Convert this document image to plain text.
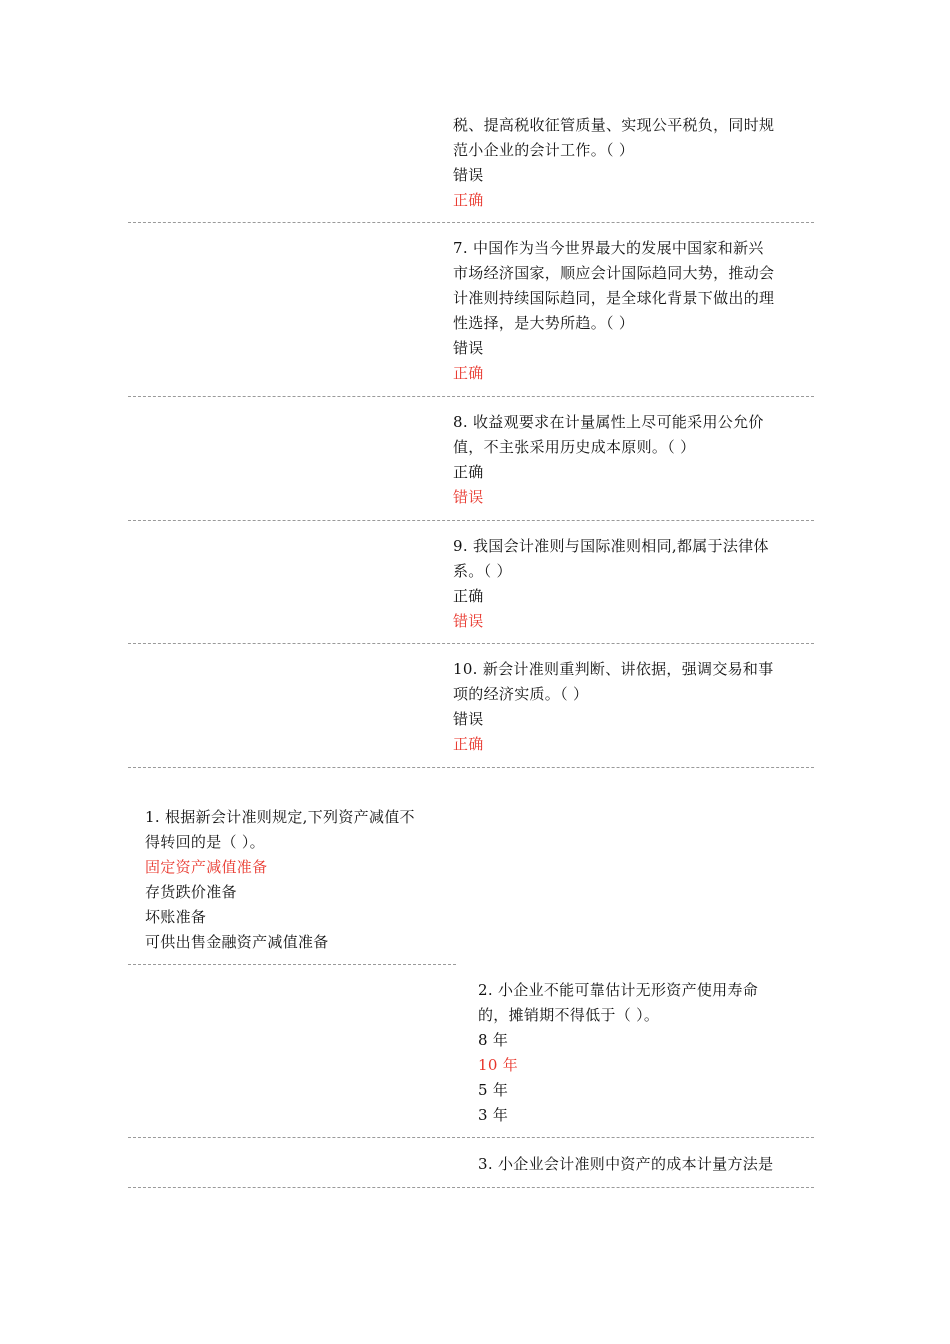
税、提高税收征管质量、实现公平税负，同时规
范小企业的会计工作。（ ）
错误
正确
7. 中国作为当今世界最大的发展中国家和新兴
市场经济国家，顺应会计国际趋同大势，推动会
计准则持续国际趋同，是全球化背景下做出的理
性选择，是大势所趋。（ ）
错误
正确
8. 收益观要求在计量属性上尽可能采用公允价
值，不主张采用历史成本原则。（ ）
正确
错误
9. 我国会计准则与国际准则相同,都属于法律体
系。（ ）
正确
错误
10. 新会计准则重判断、讲依据，强调交易和事
项的经济实质。（ ）
错误
正确
1. 根据新会计准则规定,下列资产减值不
得转回的是（ ）。
固定资产减值准备
存货跌价准备
坏账准备
可供出售金融资产减值准备
2. 小企业不能可靠估计无形资产使用寿命
的，摊销期不得低于（ ）。
8 年
10 年
5 年
3 年
3. 小企业会计准则中资产的成本计量方法是
